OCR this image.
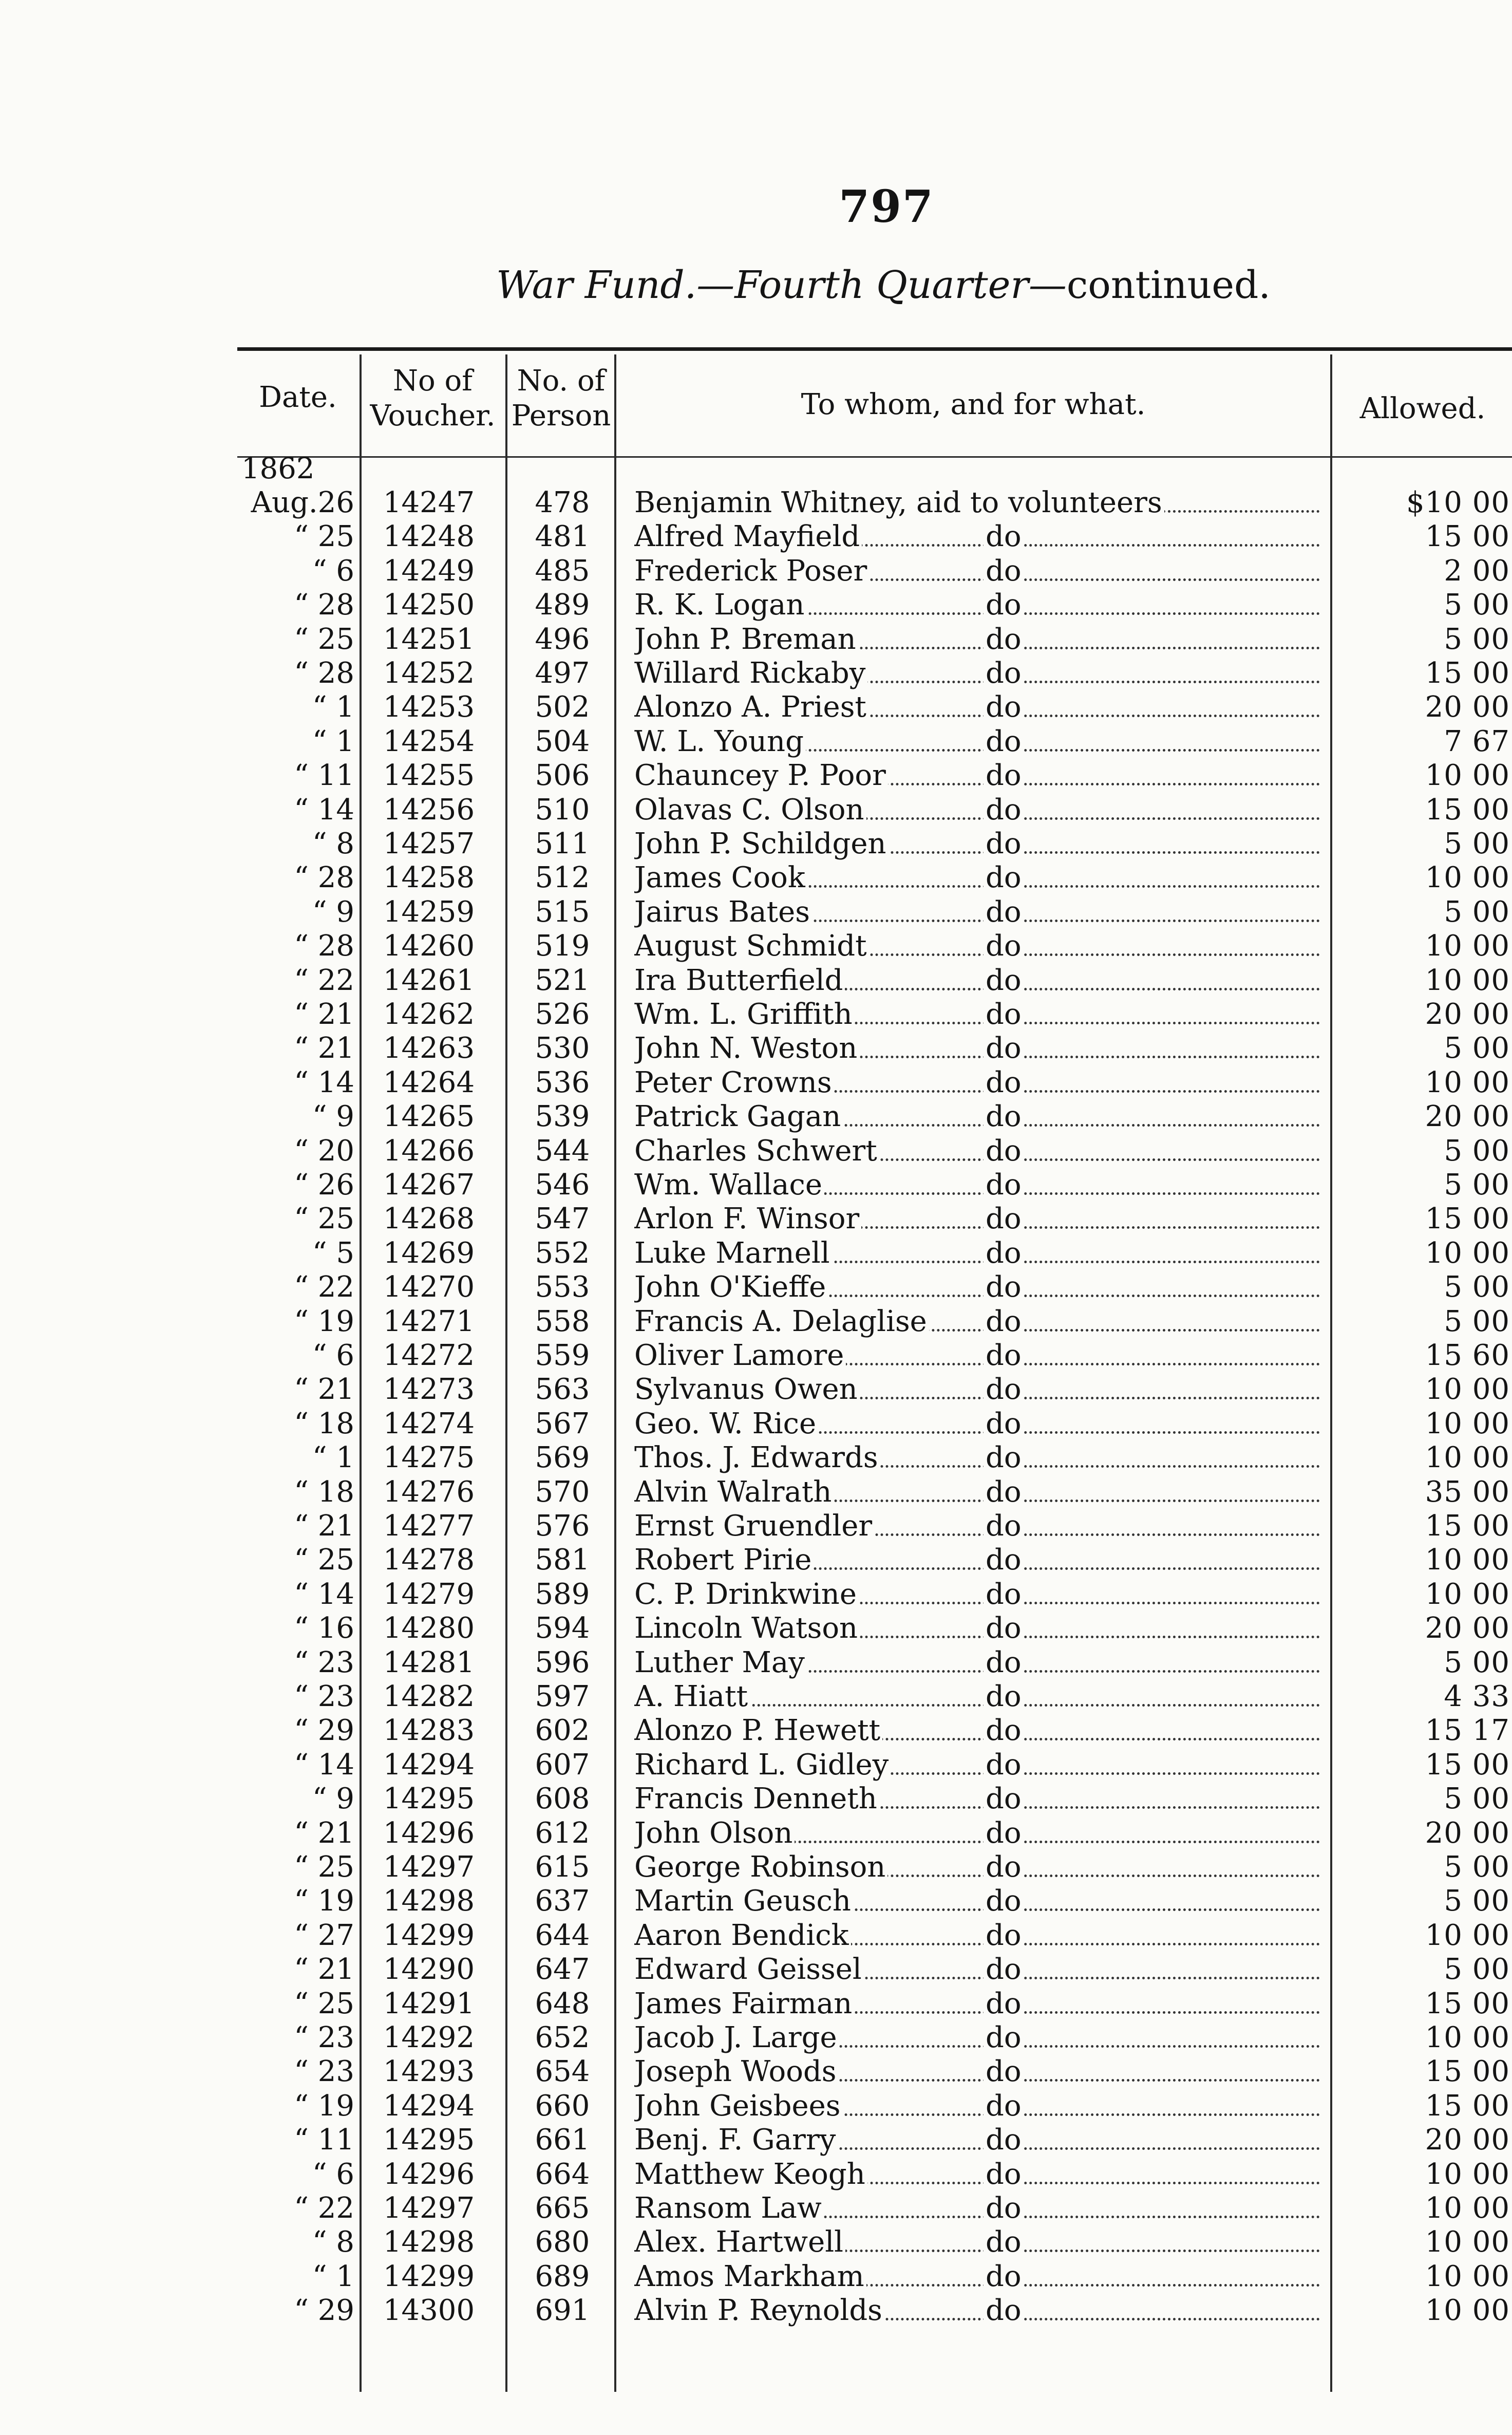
797
War Fund.—Fourth Quarter—continued.
Date.	No of
Voucher.
No. of
Person	To whom, and for what.	Allowed.
1862
Aug.26 14247	478	Benjamin Whitney, aid to volunteers	$10 00
“ 25 14248	481	Alfred Mayfield	do	15 00
“ 6 14249	485	Frederick Poser	do	2 00
“ 28 14250	489	R. K. Logan	do	5 00
“ 25 14251	496	John P. Breman	do	5 00
“ 28 14252	497	Willard Rickaby	do	15 00
“ 1 14253	502	Alonzo A. Priest	do	20 00
“ 1 14254	504	W. L. Young	do	7 67
“ 11 14255	506	Chauncey P. Poor	do	10 00
“ 14 14256	510	Olavas C. Olson	do	15 00
“ 8 14257	511	John P. Schildgen	do	5 00
“ 28 14258	512	James Cook	do	10 00
“ 9 14259	515	Jairus Bates	do	5 00
“ 28 14260	519	August Schmidt	do	10 00
“ 22 14261	521	Ira Butterfield	do	10 00
“ 21 14262	526	Wm. L. Griffith	do	20 00
“ 21 14263	530	John N. Weston	do	5 00
“ 14 14264	536	Peter Crowns	do	10 00
“ 9 14265	539	Patrick Gagan	do	20 00
“ 20 14266	544	Charles Schwert	do	5 00
“ 26 14267	546	Wm. Wallace	do	5 00
“ 25 14268	547	Arlon F. Winsor	do	15 00
“ 5 14269	552	Luke Marnell	do	10 00
“ 22 14270	553	John O'Kieffe	do	5 00
“ 19 14271	558	Francis A. Delaglise do	5 00
“ 6 14272	559	Oliver Lamore	do	15 60
“ 21 14273	563	Sylvanus Owen	do	10 00
“ 18 14274	567	Geo. W. Rice	do	10 00
“ 1 14275	569	Thos. J. Edwards	do	10 00
“ 18 14276	570	Alvin Walrath	do	35 00
“ 21 14277	576	Ernst Gruendler	do	15 00
“ 25 14278	581	Robert Pirie	do	10 00
“ 14 14279	589	C. P. Drinkwine	do	10 00
“ 16 14280	594	Lincoln Watson	do	20 00
“ 23 14281	596	Luther May	do	5 00
“ 23 14282	597	A. Hiatt	do	4 33
“ 29 14283	602	Alonzo P. Hewett	do	15 17
“ 14 14294	607	Richard L. Gidley	do	15 00
“ 9 14295	608	Francis Denneth	do	5 00
“ 21 14296	612	John Olson	do	20 00
“ 25 14297	615	George Robinson	do	5 00
“ 19 14298	637	Martin Geusch	do	5 00
“ 27 14299	644	Aaron Bendick	do	10 00
“ 21 14290	647	Edward Geissel	do	5 00
“ 25 14291	648	James Fairman	do	15 00
“ 23 14292	652	Jacob J. Large	do	10 00
“ 23 14293	654	Joseph Woods	do	15 00
“ 19 14294	660	John Geisbees	do	15 00
“ 11 14295	661	Benj. F. Garry	do	20 00
“ 6 14296	664	Matthew Keogh	do	10 00
“ 22 14297	665	Ransom Law	do	10 00
“ 8 14298	680	Alex. Hartwell	do	10 00
“ 1 14299	689	Amos Markham	do	10 00
“ 29 14300	691	Alvin P. Reynolds	do	10 00
